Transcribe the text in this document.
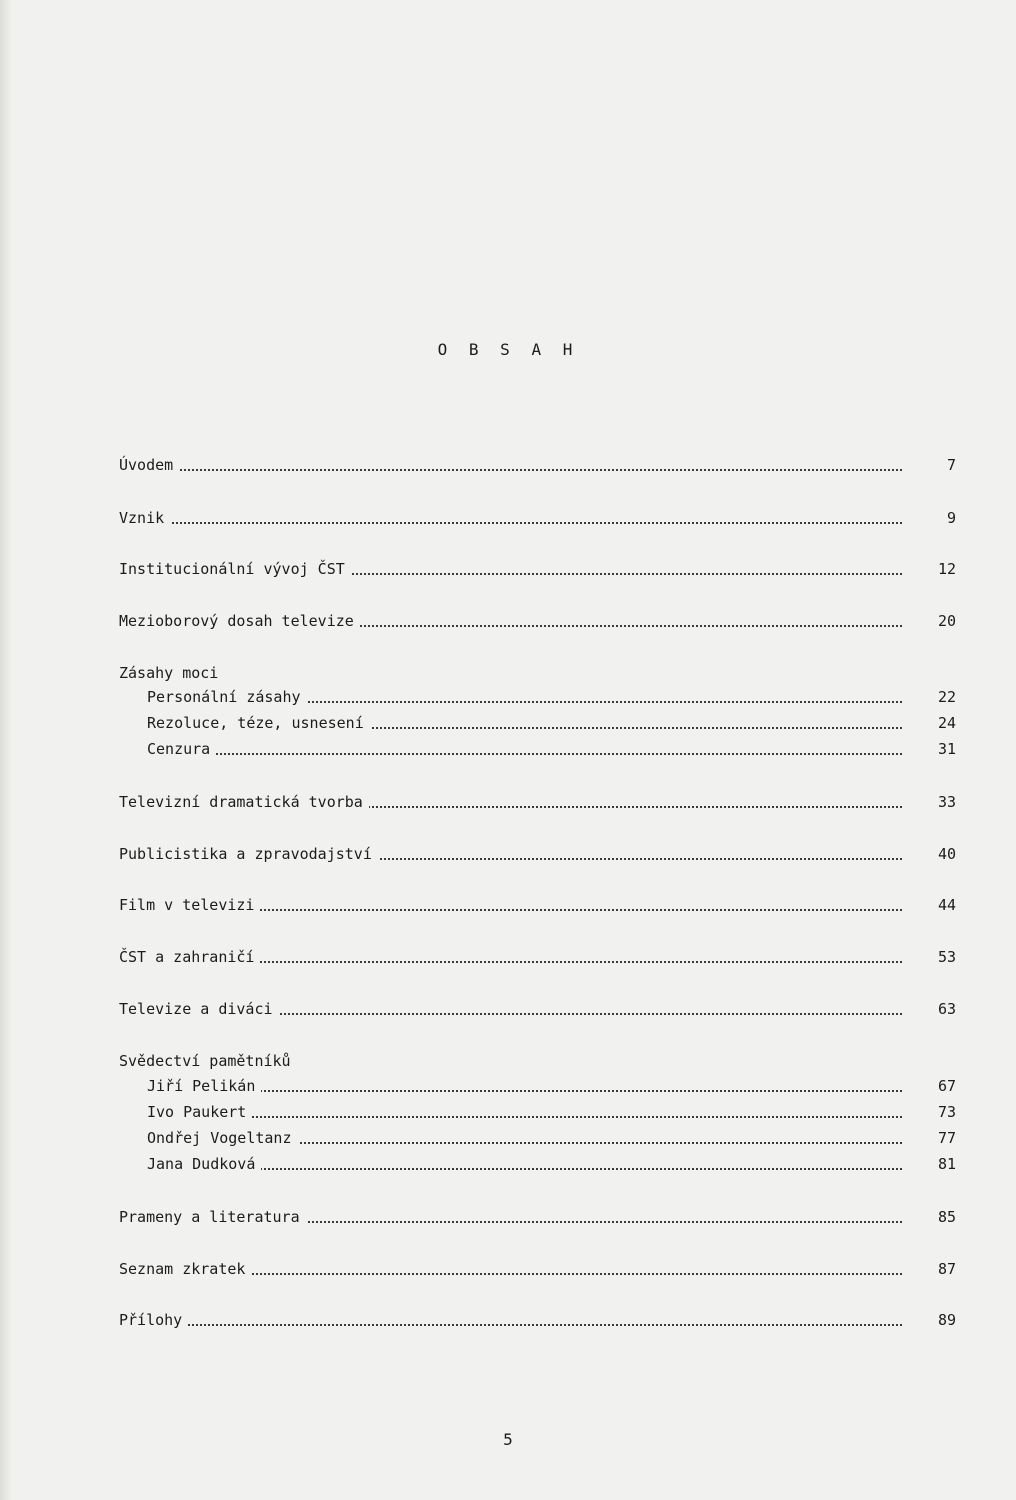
O B S A H
Úvodem	7
Vznik	9
Institucionální vývoj ČST	12
Mezioborový dosah televize	20
Zásahy moci
Personální zásahy	22
Rezoluce, téze, usnesení	24
Cenzura	31
Televizní dramatická tvorba	33
Publicistika a zpravodajství	40
Film v televizi	44
ČST a zahraničí	53
Televize a diváci	63
Svědectví pamětníků
Jiří Pelikán	67
Ivo Paukert	73
Ondřej Vogeltanz	77
Jana Dudková	81
Prameny a literatura	85
Seznam zkratek	87
Přílohy	89
5
